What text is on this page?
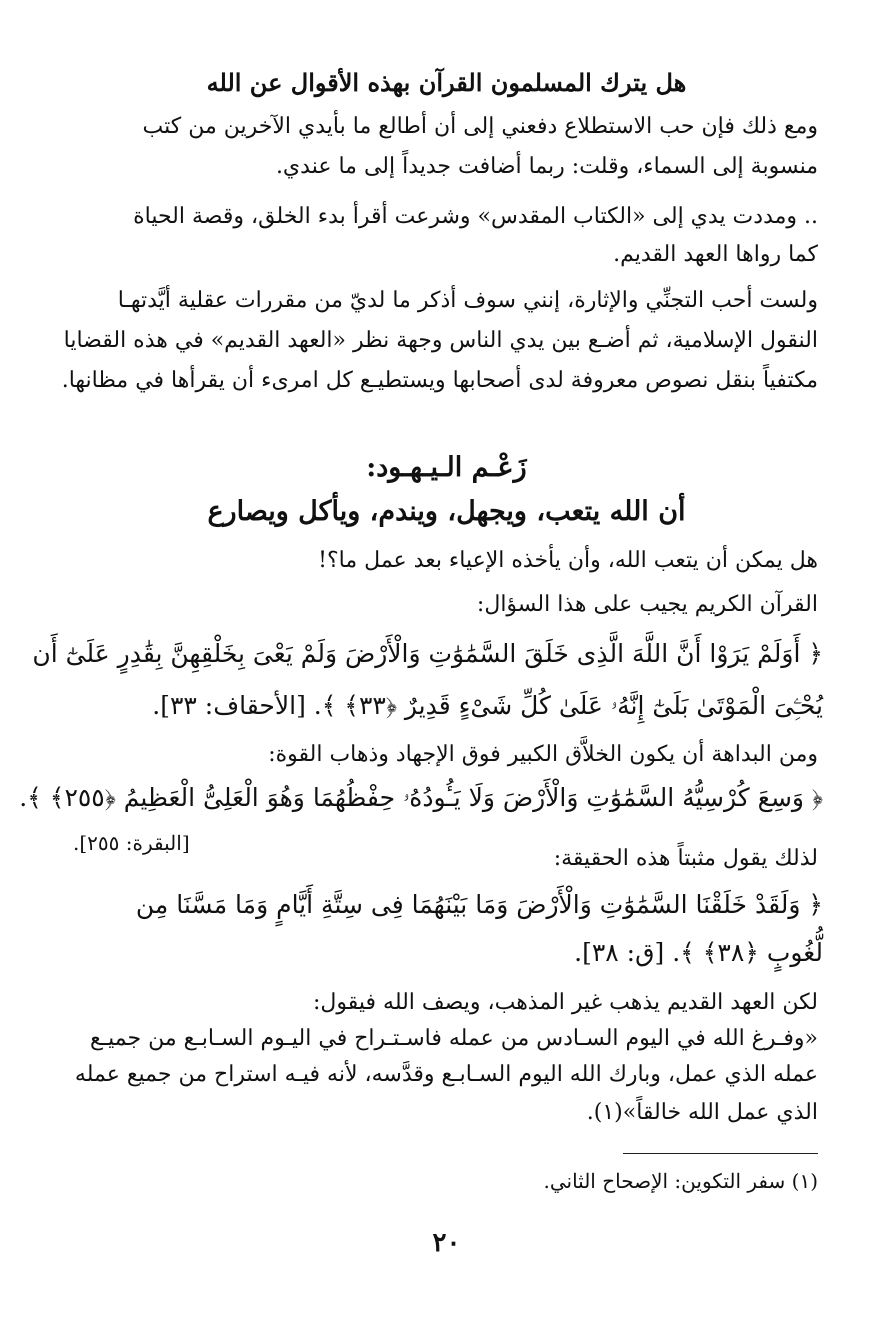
هل يترك المسلمون القرآن بهذه الأقوال عن الله
ومع ذلك فإن حب الاستطلاع دفعني إلى أن أطالع ما بأيدي الآخرين من كتب
منسوبة إلى السماء، وقلت: ربما أضافت جديداً إلى ما عندي.
.. ومددت يدي إلى «الكتاب المقدس» وشرعت أقرأ بدء الخلق، وقصة الحياة
كما رواها العهد القديم.
ولست أحب التجنِّي والإثارة، إنني سوف أذكر ما لديّ من مقررات عقلية أيَّدتهـا
النقول الإسلامية، ثم أضـع بين يدي الناس وجهة نظر «العهد القديم» في هذه القضايا
مكتفياً بنقل نصوص معروفة لدى أصحابها ويستطيـع كل امرىء أن يقرأها في مظانها.
زَعْـم الـيـهـود:
أن الله يتعب، ويجهل، ويندم، ويأكل ويصارع
هل يمكن أن يتعب الله، وأن يأخذه الإعياء بعد عمل ما؟!
القرآن الكريم يجيب على هذا السؤال:
﴿ أَوَلَمْ يَرَوْا أَنَّ اللَّهَ الَّذِى خَلَقَ السَّمَٰوَٰتِ وَالْأَرْضَ وَلَمْ يَعْىَ بِخَلْقِهِنَّ بِقَٰدِرٍ عَلَىٰٓ أَن
يُحْـِۧىَ الْمَوْتَىٰ بَلَىٰٓ إِنَّهُۥ عَلَىٰ كُلِّ شَىْءٍ قَدِيرٌ ﴿٣٣﴾ ﴾. [الأحقاف: ٣٣].
ومن البداهة أن يكون الخلاَّق الكبير فوق الإجهاد وذهاب القوة:
﴿ وَسِعَ كُرْسِيُّهُ السَّمَٰوَٰتِ وَالْأَرْضَ وَلَا يَـُٔودُهُۥ حِفْظُهُمَا وَهُوَ الْعَلِىُّ الْعَظِيمُ ﴿٢٥٥﴾ ﴾.
[البقرة: ٢٥٥].
لذلك يقول مثبتاً هذه الحقيقة:
﴿ وَلَقَدْ خَلَقْنَا السَّمَٰوَٰتِ وَالْأَرْضَ وَمَا بَيْنَهُمَا فِى سِتَّةِ أَيَّامٍ وَمَا مَسَّنَا مِن
لُّغُوبٍ ﴿٣٨﴾ ﴾. [ق: ٣٨].
لكن العهد القديم يذهب غير المذهب، ويصف الله فيقول:
«وفـرغ الله في اليوم السـادس من عمله فاسـتـراح في اليـوم السـابـع من جميـع
عمله الذي عمل، وبارك الله اليوم السـابـع وقدَّسه، لأنه فيـه استراح من جميع عمله
الذي عمل الله خالقاً»(١).
(١) سفر التكوين: الإصحاح الثاني.
٢٠
